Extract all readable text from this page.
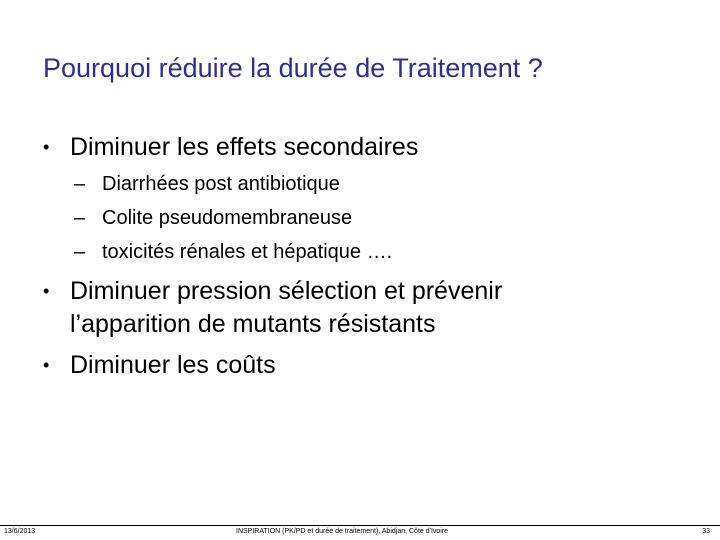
Pourquoi réduire la durée de Traitement ?
• Diminuer les effets secondaires
– Diarrhées post antibiotique
– Colite pseudomembraneuse
– toxicités rénales et hépatique ….
• Diminuer pression sélection et prévenir
l’apparition de mutants résistants
• Diminuer les coûts
13/6/2013	INSPIRATION (PK/PD et durée de traitement), Abidjan, Côte d'Ivoire	33
